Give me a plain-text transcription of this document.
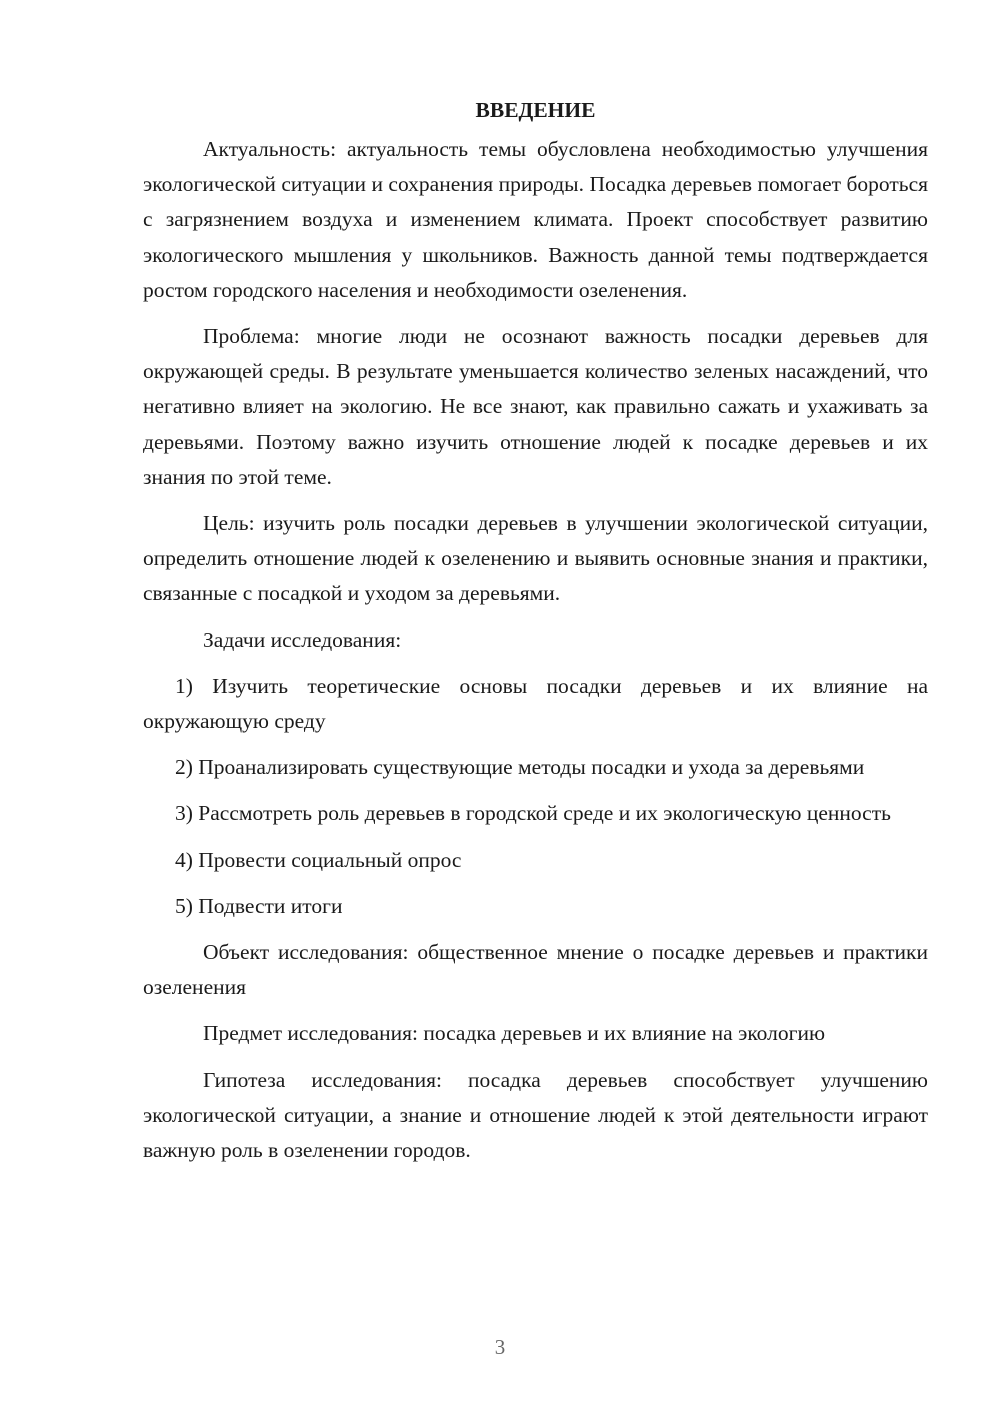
ВВЕДЕНИЕ

Актуальность: актуальность темы обусловлена необходимостью улучшения экологической ситуации и сохранения природы. Посадка деревьев помогает бороться с загрязнением воздуха и изменением климата. Проект способствует развитию экологического мышления у школьников. Важность данной темы подтверждается ростом городского населения и необходимости озеленения.

Проблема: многие люди не осознают важность посадки деревьев для окружающей среды. В результате уменьшается количество зеленых насаждений, что негативно влияет на экологию. Не все знают, как правильно сажать и ухаживать за деревьями. Поэтому важно изучить отношение людей к посадке деревьев и их знания по этой теме.

Цель: изучить роль посадки деревьев в улучшении экологической ситуации, определить отношение людей к озеленению и выявить основные знания и практики, связанные с посадкой и уходом за деревьями.

Задачи исследования:

1) Изучить теоретические основы посадки деревьев и их влияние на окружающую среду

2) Проанализировать существующие методы посадки и ухода за деревьями

3) Рассмотреть роль деревьев в городской среде и их экологическую ценность

4) Провести социальный опрос

5) Подвести итоги

Объект исследования: общественное мнение о посадке деревьев и практики озеленения

Предмет исследования: посадка деревьев и их влияние на экологию

Гипотеза исследования: посадка деревьев способствует улучшению экологической ситуации, а знание и отношение людей к этой деятельности играют важную роль в озеленении городов.

3
